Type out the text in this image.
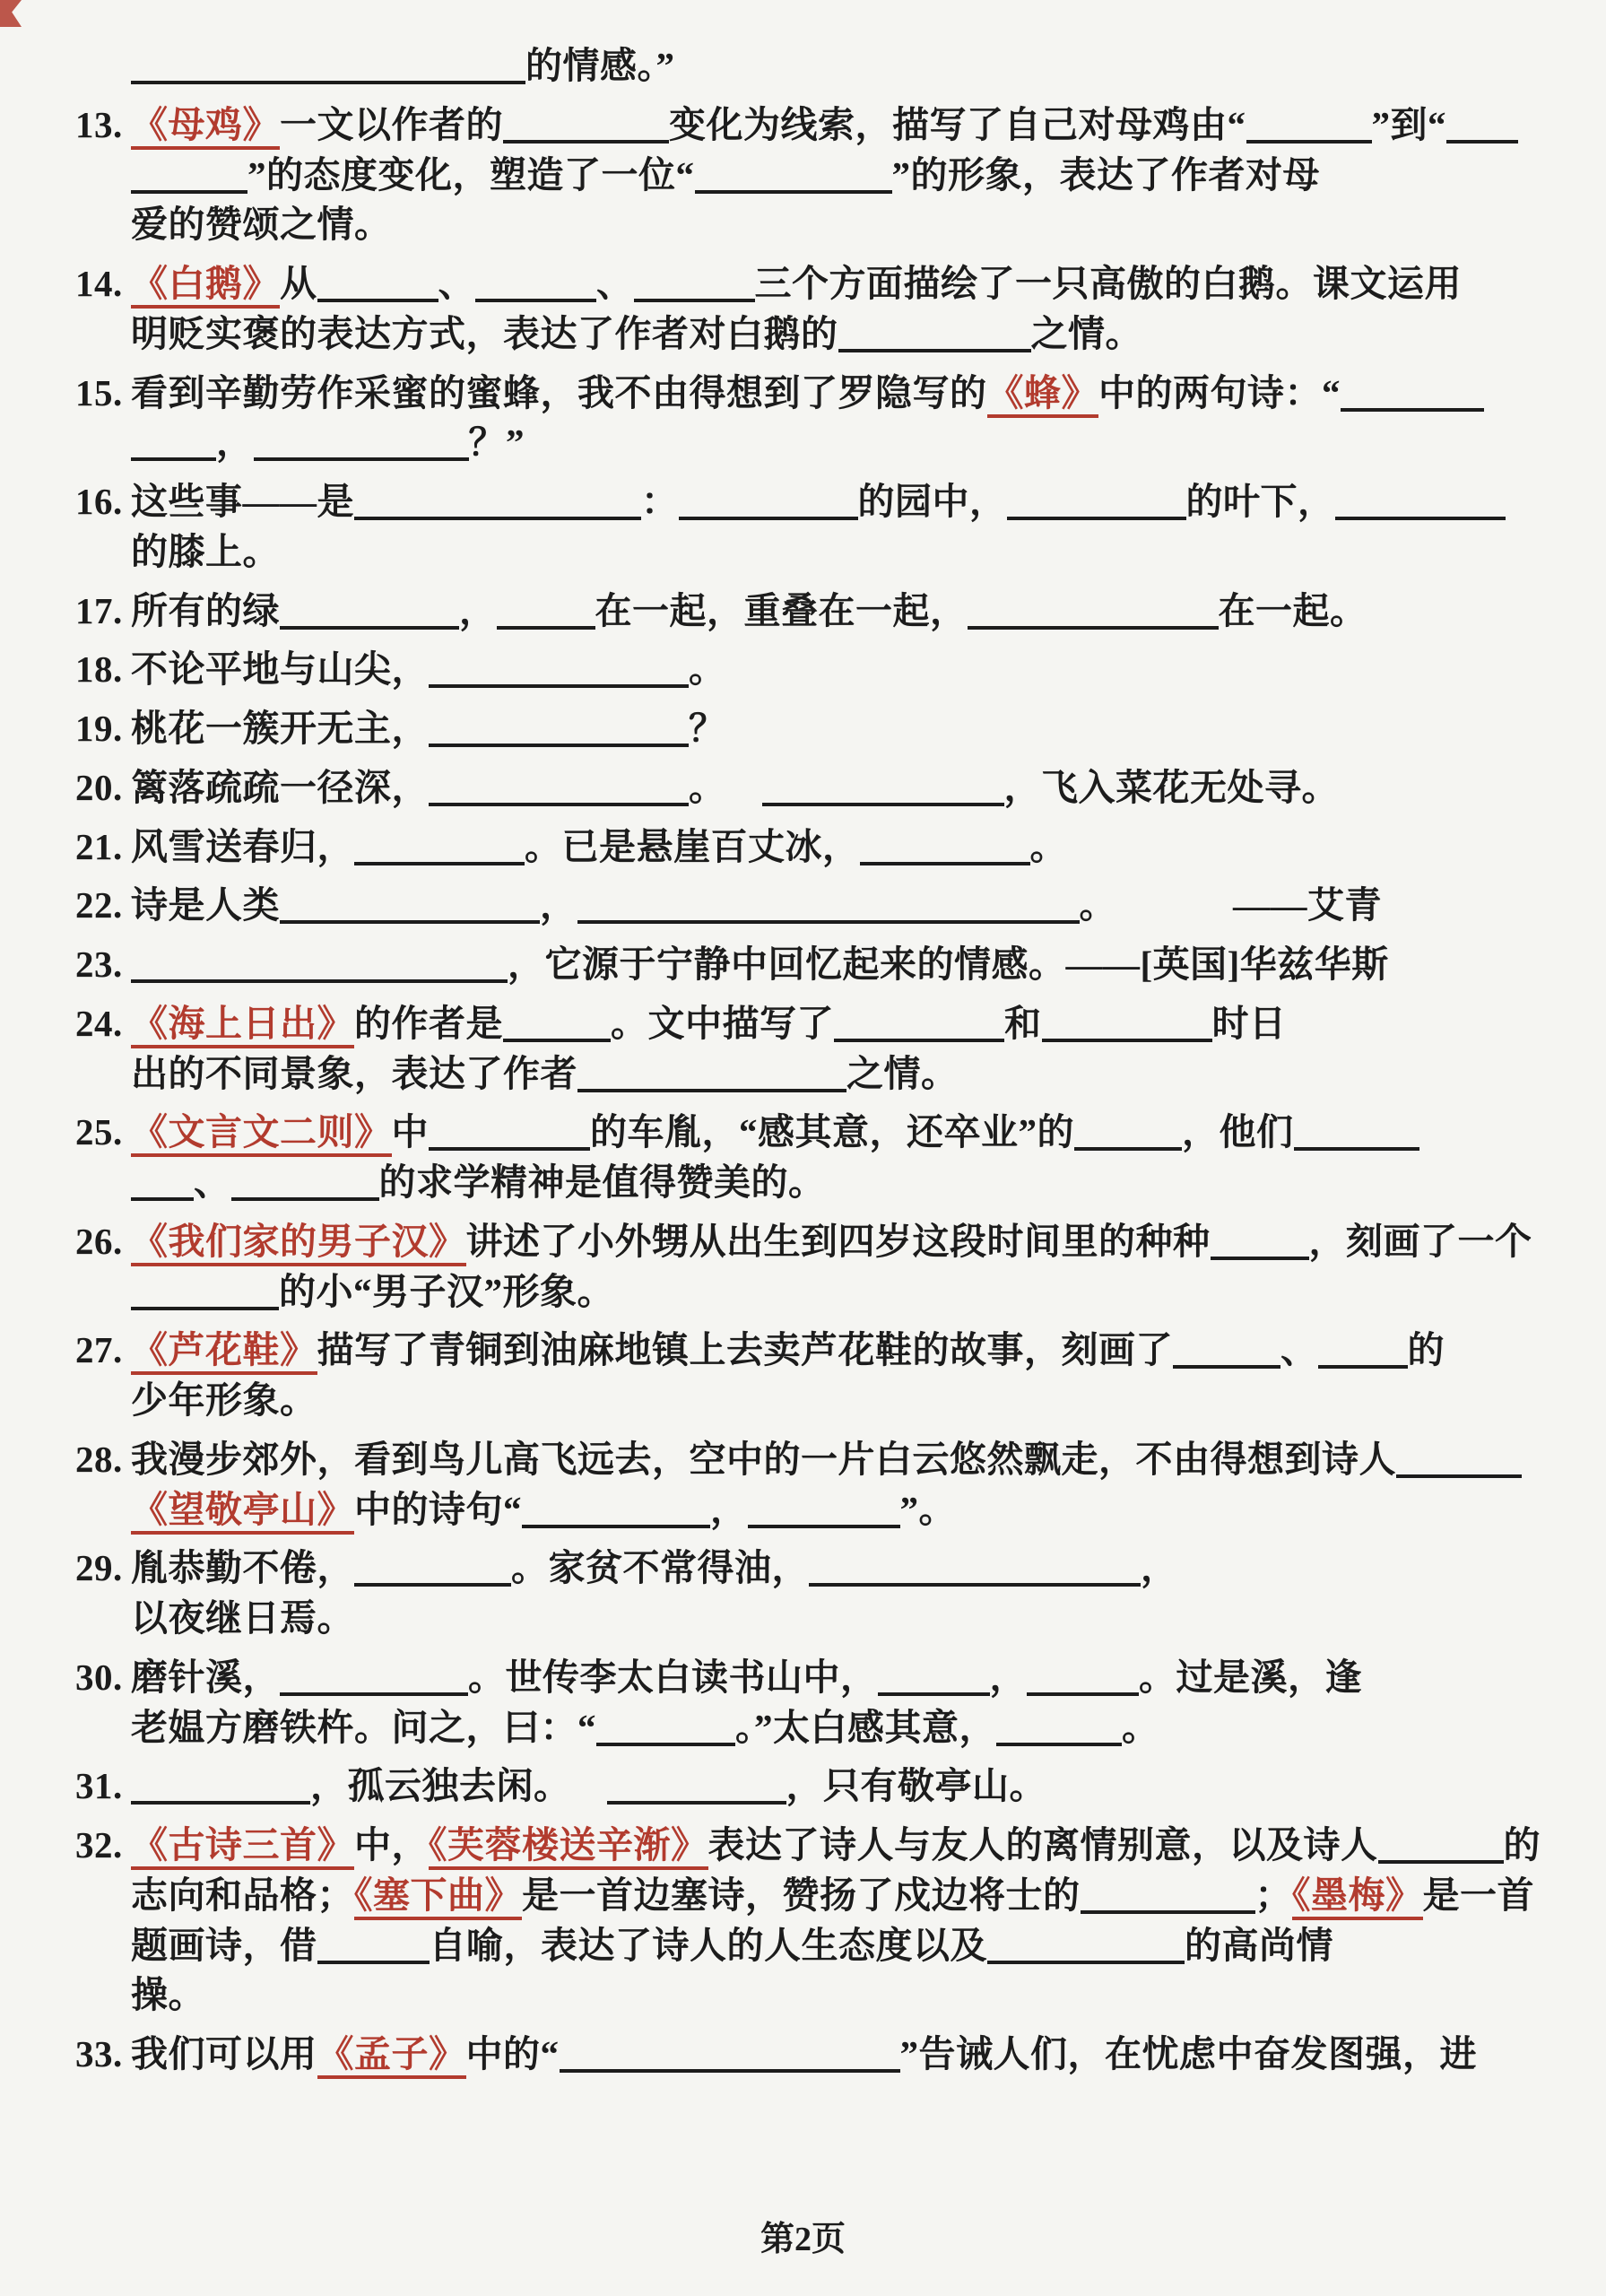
的情感。”
13. 《母鸡》一文以作者的	变化为线索，描写了自己对母鸡由“	”到“
”的态度变化，塑造了一位“	”的形象，表达了作者对母
爱的赞颂之情。
14. 《白鹅》从	、	、	三个方面描绘了一只高傲的白鹅。课文运用
明贬实褒的表达方式，表达了作者对白鹅的	之情。
15. 看到辛勤劳作采蜜的蜜蜂，我不由得想到了罗隐写的《蜂》中的两句诗：“
，	？”
16. 这些事——是	：	的园中，	的叶下，
的膝上。
17. 所有的绿	，	在一起，重叠在一起，	在一起。
18. 不论平地与山尖，	。
19. 桃花一簇开无主，	？
20. 篱落疏疏一径深，	。	，飞入菜花无处寻。
21. 风雪送春归，	。已是悬崖百丈冰，	。
22. 诗是人类	，	。	——艾青
23.	，它源于宁静中回忆起来的情感。——[英国]华兹华斯
24. 《海上日出》的作者是	。文中描写了	和	时日
出的不同景象，表达了作者	之情。
25. 《文言文二则》中	的车胤，“感其意，还卒业”的	，他们
、	的求学精神是值得赞美的。
26. 《我们家的男子汉》讲述了小外甥从出生到四岁这段时间里的种种	，刻画了一个
的小“男子汉”形象。
27. 《芦花鞋》描写了青铜到油麻地镇上去卖芦花鞋的故事，刻画了	、 的
少年形象。
28. 我漫步郊外，看到鸟儿高飞远去，空中的一片白云悠然飘走，不由得想到诗人
《望敬亭山》中的诗句“	，	”。
29. 胤恭勤不倦，	。家贫不常得油，	，
以夜继日焉。
30. 磨针溪，	。世传李太白读书山中，	，	。过是溪，逢
老媪方磨铁杵。问之，曰：“	。”太白感其意，	。
31.	，孤云独去闲。	，只有敬亭山。
32. 《古诗三首》中，《芙蓉楼送辛渐》表达了诗人与友人的离情别意，以及诗人	的
志向和品格；《塞下曲》是一首边塞诗，赞扬了戍边将士的	；《墨梅》是一首
题画诗，借	自喻，表达了诗人的人生态度以及	的高尚情
操。
33. 我们可以用《孟子》中的“	”告诫人们，在忧虑中奋发图强，进
第2页
